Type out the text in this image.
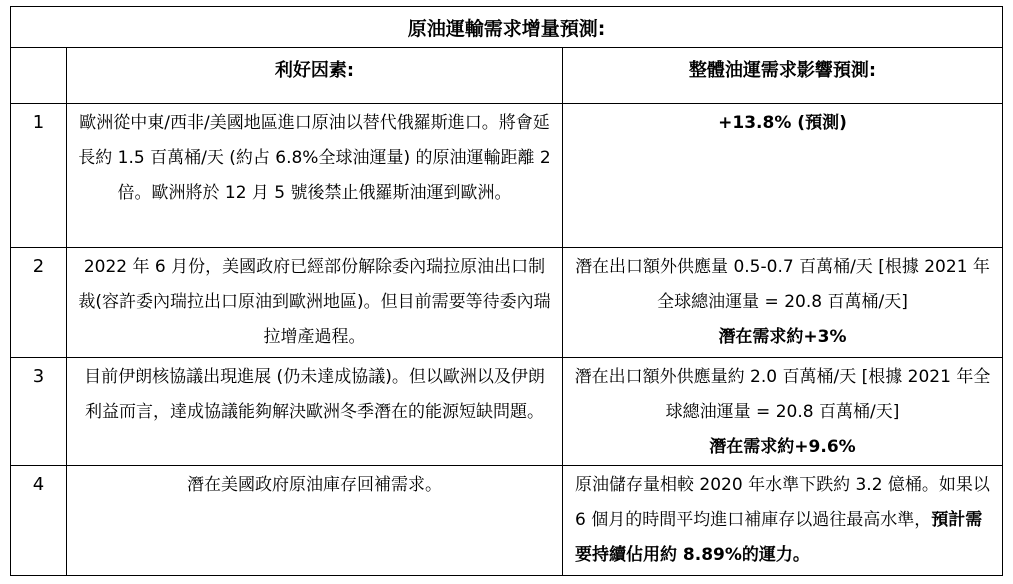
原油運輸需求增量預測:		
	利好因素:	整體油運需求影響預測:
1	歐洲從中東/西非/美國地區進口原油以替代俄羅斯進口。將會延長約 1.5 百萬桶/天 (約占 6.8%全球油運量) 的原油運輸距離 2 倍。歐洲將於 12 月 5 號後禁止俄羅斯油運到歐洲。	+13.8% (預測)

2	2022 年 6 月份，美國政府已經部份解除委內瑞拉原油出口制裁(容許委內瑞拉出口原油到歐洲地區)。但目前需要等待委內瑞拉增產過程。	潛在出口額外供應量 0.5-0.7 百萬桶/天 [根據 2021 年全球總油運量 = 20.8 百萬桶/天]
潛在需求約+3%

3	目前伊朗核協議出現進展 (仍未達成協議)。但以歐洲以及伊朗利益而言，達成協議能夠解決歐洲冬季潛在的能源短缺問題。	潛在出口額外供應量約 2.0 百萬桶/天 [根據 2021 年全球總油運量 = 20.8 百萬桶/天]
潛在需求約+9.6%

4	潛在美國政府原油庫存回補需求。	原油儲存量相較 2020 年水準下跌約 3.2 億桶。如果以 6 個月的時間平均進口補庫存以過往最高水準，預計需要持續佔用約 8.89%的運力。
